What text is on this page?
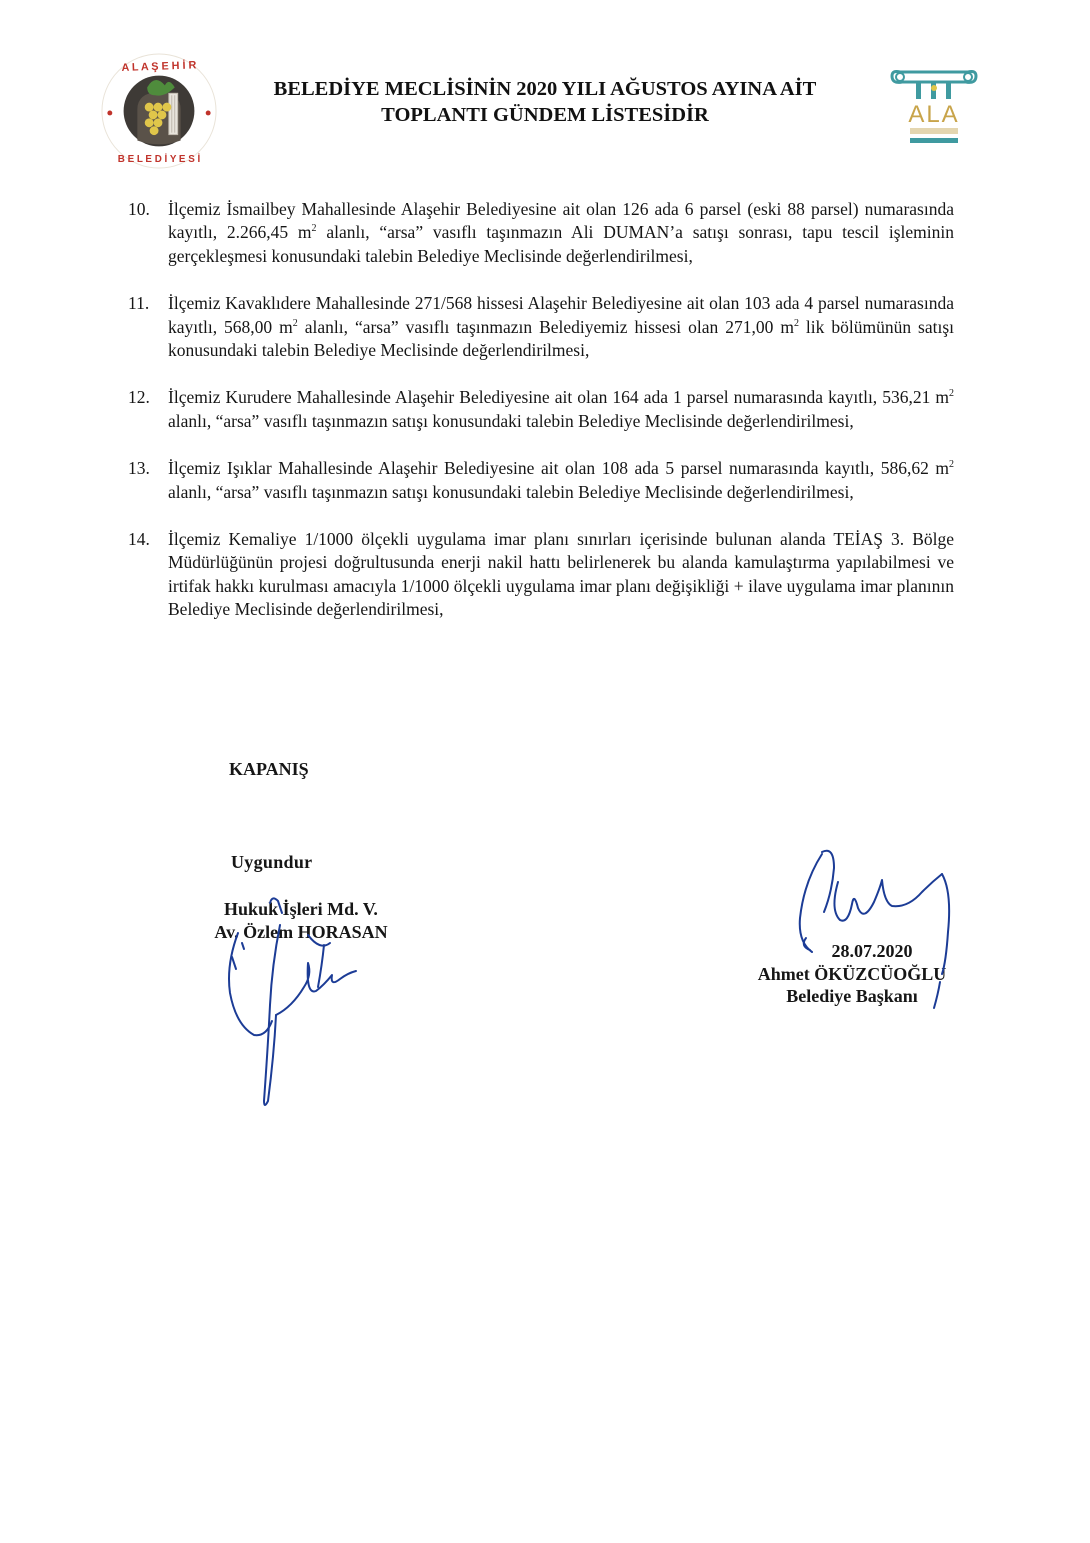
A L A Ş E H İ R
B E L E D İ Y E S İ
BELEDİYE MECLİSİNİN 2020 YILI AĞUSTOS AYINA AİT
TOPLANTI GÜNDEM LİSTESİDİR	ALA
10. İlçemiz İsmailbey Mahallesinde Alaşehir Belediyesine ait olan 126 ada 6 parsel (eski 88 parsel) numarasında kayıtlı, 2.266,45 $m^2$ alanlı, “arsa” vasıflı taşınmazın Ali DUMAN’a satışı sonrası, tapu tescil işleminin gerçekleşmesi konusundaki talebin Belediye Meclisinde değerlendirilmesi,
11. İlçemiz Kavaklıdere Mahallesinde 271/568 hissesi Alaşehir Belediyesine ait olan 103 ada 4 parsel numarasında kayıtlı, 568,00 $m^2$ alanlı, “arsa” vasıflı taşınmazın Belediyemiz hissesi olan 271,00 $m^2$ lik bölümünün satışı konusundaki talebin Belediye Meclisinde değerlendirilmesi,
12. İlçemiz Kurudere Mahallesinde Alaşehir Belediyesine ait olan 164 ada 1 parsel numarasında kayıtlı, 536,21 $m^2$ alanlı, “arsa” vasıflı taşınmazın satışı konusundaki talebin Belediye Meclisinde değerlendirilmesi,
13. İlçemiz Işıklar Mahallesinde Alaşehir Belediyesine ait olan 108 ada 5 parsel numarasında kayıtlı, 586,62 $m^2$ alanlı, “arsa” vasıflı taşınmazın satışı konusundaki talebin Belediye Meclisinde değerlendirilmesi,
14. İlçemiz Kemaliye 1/1000 ölçekli uygulama imar planı sınırları içerisinde bulunan alanda TEİAŞ 3. Bölge Müdürlüğünün projesi doğrultusunda enerji nakil hattı belirlenerek bu alanda kamulaştırma yapılabilmesi ve irtifak hakkı kurulması amacıyla 1/1000 ölçekli uygulama imar planı değişikliği + ilave uygulama imar planının Belediye Meclisinde değerlendirilmesi,
KAPANIŞ
Uygundur
Hukuk İşleri Md. V.
Av. Özlem HORASAN
28.07.2020
Ahmet ÖKÜZCÜOĞLU
Belediye Başkanı
